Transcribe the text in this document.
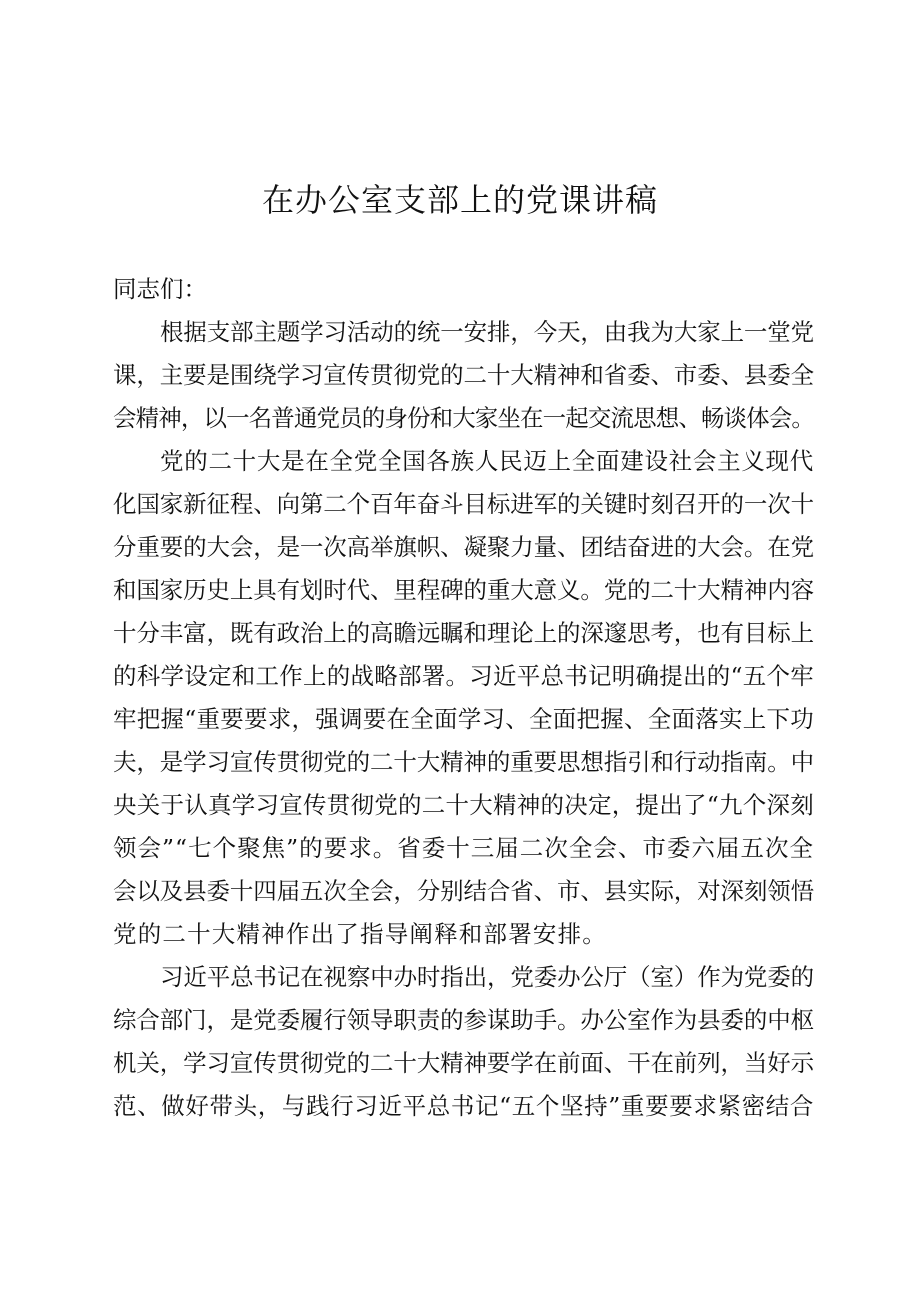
在办公室支部上的党课讲稿

同志们：

根据支部主题学习活动的统一安排，今天，由我为大家上一堂党
课，主要是围绕学习宣传贯彻党的二十大精神和省委、市委、县委全
会精神，以一名普通党员的身份和大家坐在一起交流思想、畅谈体会。
党的二十大是在全党全国各族人民迈上全面建设社会主义现代
化国家新征程、向第二个百年奋斗目标进军的关键时刻召开的一次十
分重要的大会，是一次高举旗帜、凝聚力量、团结奋进的大会。在党
和国家历史上具有划时代、里程碑的重大意义。党的二十大精神内容
十分丰富，既有政治上的高瞻远瞩和理论上的深邃思考，也有目标上
的科学设定和工作上的战略部署。习近平总书记明确提出的“五个牢
牢把握“重要要求，强调要在全面学习、全面把握、全面落实上下功
夫，是学习宣传贯彻党的二十大精神的重要思想指引和行动指南。中
央关于认真学习宣传贯彻党的二十大精神的决定，提出了“九个深刻
领会”“七个聚焦”的要求。省委十三届二次全会、市委六届五次全
会以及县委十四届五次全会，分别结合省、市、县实际，对深刻领悟
党的二十大精神作出了指导阐释和部署安排。
习近平总书记在视察中办时指出，党委办公厅（室）作为党委的
综合部门，是党委履行领导职责的参谋助手。办公室作为县委的中枢
机关，学习宣传贯彻党的二十大精神要学在前面、干在前列，当好示
范、做好带头，与践行习近平总书记“五个坚持”重要要求紧密结合
